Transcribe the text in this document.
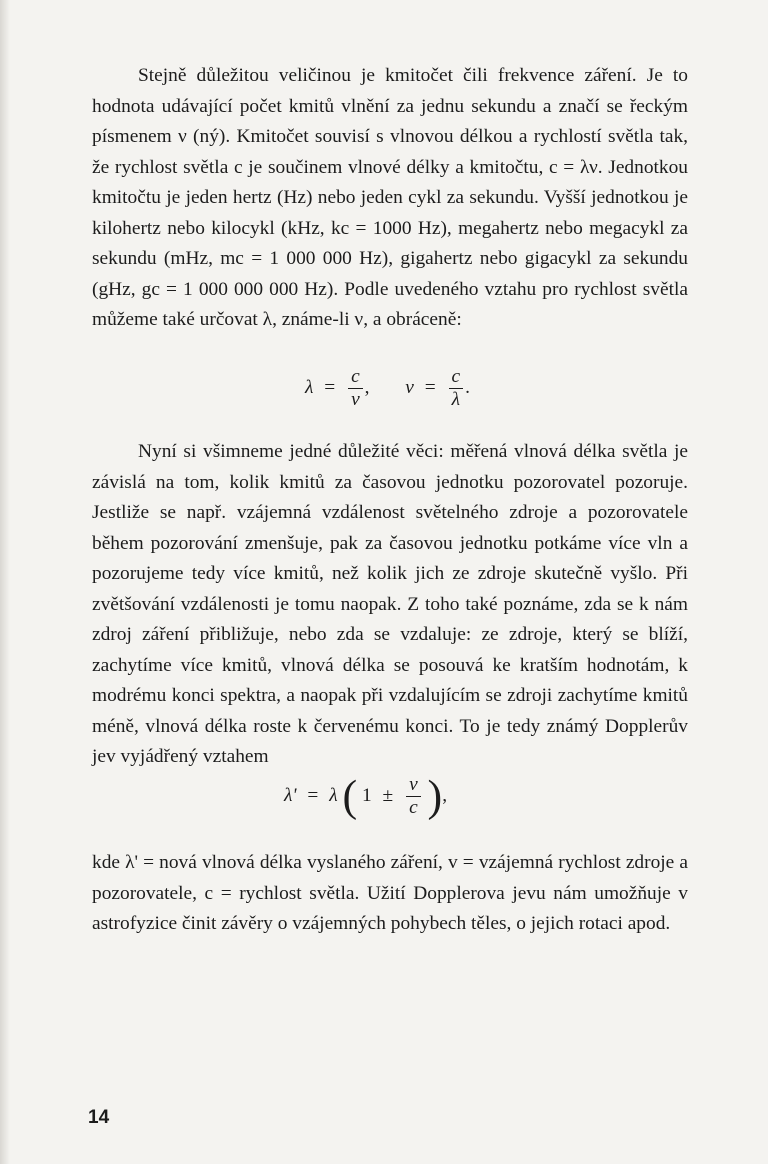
Stejně důležitou veličinou je kmitočet čili frekvence záření. Je to hodnota udávající počet kmitů vlnění za jednu sekundu a značí se řeckým písmenem ν (ný). Kmitočet souvisí s vlnovou délkou a rychlostí světla tak, že rychlost světla c je součinem vlnové délky a kmitočtu, c = λν. Jednotkou kmitočtu je jeden hertz (Hz) nebo jeden cykl za sekundu. Vyšší jednotkou je kilohertz nebo kilocykl (kHz, kc = 1000 Hz), megahertz nebo megacykl za sekundu (mHz, mc = 1 000 000 Hz), gigahertz nebo gigacykl za sekundu (gHz, gc = 1 000 000 000 Hz). Podle uvedeného vztahu pro rychlost světla můžeme také určovat λ, známe-li ν, a obráceně:

$\lambda = \frac{c}{\nu}$ , $\nu = \frac{c}{\lambda}$ .

Nyní si všimneme jedné důležité věci: měřená vlnová délka světla je závislá na tom, kolik kmitů za časovou jednotku pozorovatel pozoruje. Jestliže se např. vzájemná vzdálenost světelného zdroje a pozorovatele během pozorování zmenšuje, pak za časovou jednotku potkáme více vln a pozorujeme tedy více kmitů, než kolik jich ze zdroje skutečně vyšlo. Při zvětšování vzdálenosti je tomu naopak. Z toho také poznáme, zda se k nám zdroj záření přibližuje, nebo zda se vzdaluje: ze zdroje, který se blíží, zachytíme více kmitů, vlnová délka se posouvá ke kratším hodnotám, k modrému konci spektra, a naopak při vzdalujícím se zdroji zachytíme kmitů méně, vlnová délka roste k červenému konci. To je tedy známý Dopplerův jev vyjádřený vztahem

λ' = λ ( $1 \pm \frac{v}{c}$ ),

kde λ' = nová vlnová délka vyslaného záření, v = vzájemná rychlost zdroje a pozorovatele, c = rychlost světla. Užití Dopplerova jevu nám umožňuje v astrofyzice činit závěry o vzájemných pohybech těles, o jejich rotaci apod.

14
